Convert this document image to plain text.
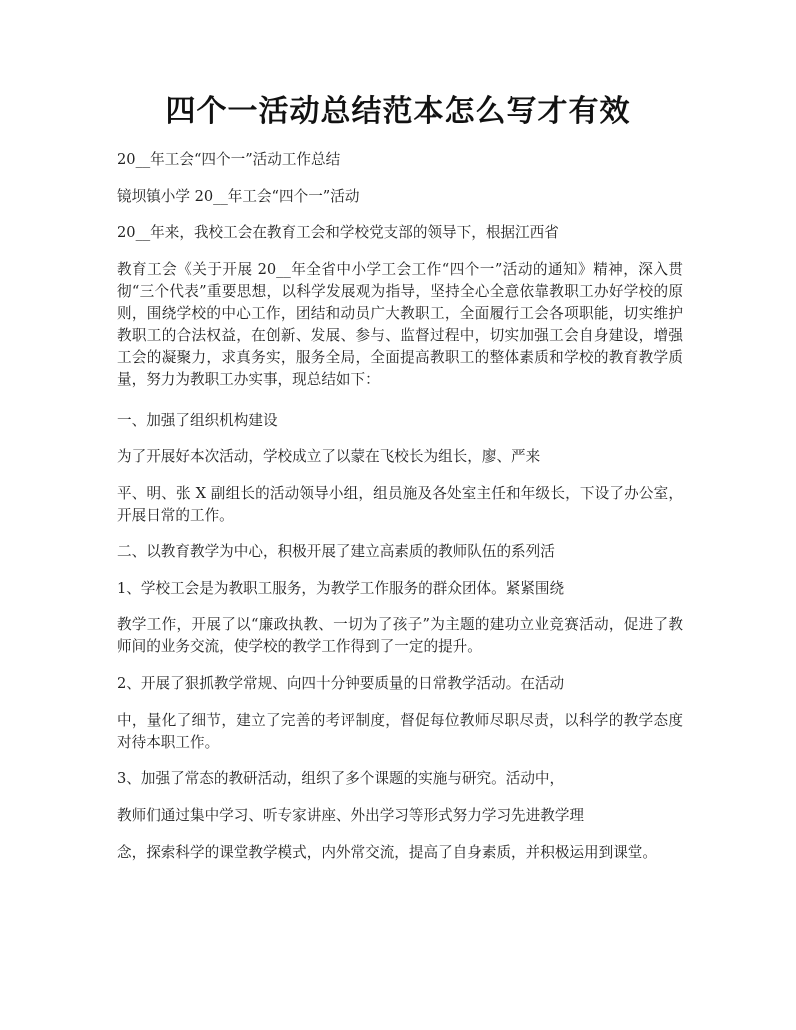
四个一活动总结范本怎么写才有效

20__年工会“四个一”活动工作总结

镜坝镇小学 20__年工会“四个一”活动

20__年来，我校工会在教育工会和学校党支部的领导下，根据江西省

教育工会《关于开展 20__年全省中小学工会工作“四个一”活动的通知》精神，深入贯彻“三个代表”重要思想，以科学发展观为指导，坚持全心全意依靠教职工办好学校的原则，围绕学校的中心工作，团结和动员广大教职工，全面履行工会各项职能，切实维护教职工的合法权益，在创新、发展、参与、监督过程中，切实加强工会自身建设，增强工会的凝聚力，求真务实，服务全局，全面提高教职工的整体素质和学校的教育教学质量，努力为教职工办实事，现总结如下：

一、加强了组织机构建设

为了开展好本次活动，学校成立了以蒙在飞校长为组长，廖、严来

平、明、张 X 副组长的活动领导小组，组员施及各处室主任和年级长，下设了办公室，开展日常的工作。

二、以教育教学为中心，积极开展了建立高素质的教师队伍的系列活

1、学校工会是为教职工服务，为教学工作服务的群众团体。紧紧围绕

教学工作，开展了以“廉政执教、一切为了孩子”为主题的建功立业竞赛活动，促进了教师间的业务交流，使学校的教学工作得到了一定的提升。

2、开展了狠抓教学常规、向四十分钟要质量的日常教学活动。在活动

中，量化了细节，建立了完善的考评制度，督促每位教师尽职尽责，以科学的教学态度对待本职工作。

3、加强了常态的教研活动，组织了多个课题的实施与研究。活动中，

教师们通过集中学习、听专家讲座、外出学习等形式努力学习先进教学理

念，探索科学的课堂教学模式，内外常交流，提高了自身素质，并积极运用到课堂。
